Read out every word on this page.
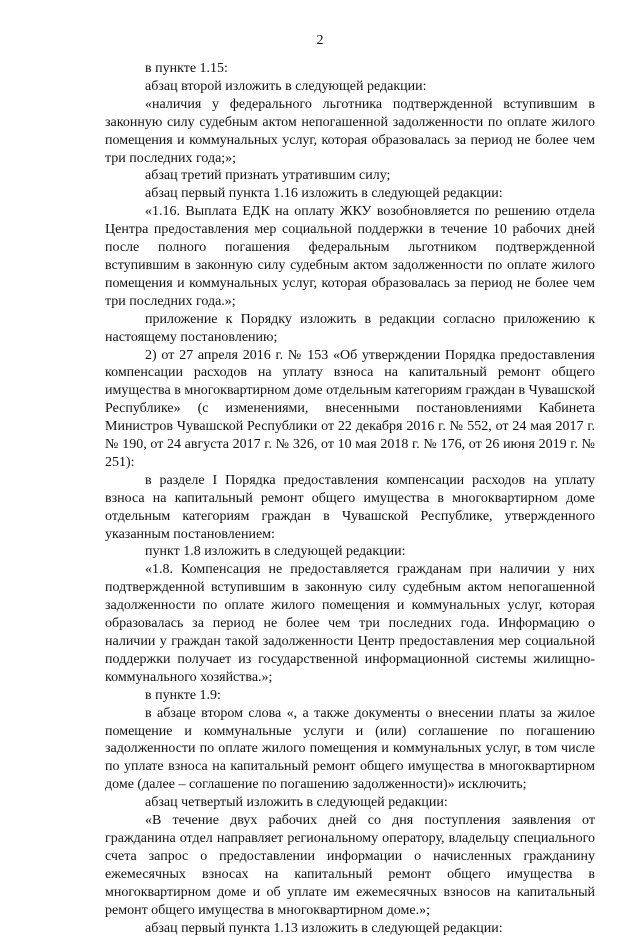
2

в пункте 1.15:

абзац второй изложить в следующей редакции:

«наличия у федерального льготника подтвержденной вступившим в законную силу судебным актом непогашенной задолженности по оплате жилого помещения и коммунальных услуг, которая образовалась за период не более чем три последних года;»;

абзац третий признать утратившим силу;

абзац первый пункта 1.16 изложить в следующей редакции:

«1.16. Выплата ЕДК на оплату ЖКУ возобновляется по решению отдела Центра предоставления мер социальной поддержки в течение 10 рабочих дней после полного погашения федеральным льготником подтвержденной вступившим в законную силу судебным актом задолженности по оплате жилого помещения и коммунальных услуг, которая образовалась за период не более чем три последних года.»;

приложение к Порядку изложить в редакции согласно приложению к настоящему постановлению;

2) от 27 апреля 2016 г. № 153 «Об утверждении Порядка предоставления компенсации расходов на уплату взноса на капитальный ремонт общего имущества в многоквартирном доме отдельным категориям граждан в Чувашской Республике» (с изменениями, внесенными постановлениями Кабинета Министров Чувашской Республики от 22 декабря 2016 г. № 552, от 24 мая 2017 г. № 190, от 24 августа 2017 г. № 326, от 10 мая 2018 г. № 176, от 26 июня 2019 г. № 251):

в разделе I Порядка предоставления компенсации расходов на уплату взноса на капитальный ремонт общего имущества в многоквартирном доме отдельным категориям граждан в Чувашской Республике, утвержденного указанным постановлением:

пункт 1.8 изложить в следующей редакции:

«1.8. Компенсация не предоставляется гражданам при наличии у них подтвержденной вступившим в законную силу судебным актом непогашенной задолженности по оплате жилого помещения и коммунальных услуг, которая образовалась за период не более чем три последних года. Информацию о наличии у граждан такой задолженности Центр предоставления мер социальной поддержки получает из государственной информационной системы жилищно-коммунального хозяйства.»;

в пункте 1.9:

в абзаце втором слова «, а также документы о внесении платы за жилое помещение и коммунальные услуги и (или) соглашение по погашению задолженности по оплате жилого помещения и коммунальных услуг, в том числе по уплате взноса на капитальный ремонт общего имущества в многоквартирном доме (далее – соглашение по погашению задолженности)» исключить;

абзац четвертый изложить в следующей редакции:

«В течение двух рабочих дней со дня поступления заявления от гражданина отдел направляет региональному оператору, владельцу специального счета запрос о предоставлении информации о начисленных гражданину ежемесячных взносах на капитальный ремонт общего имущества в многоквартирном доме и об уплате им ежемесячных взносов на капитальный ремонт общего имущества в многоквартирном доме.»;

абзац первый пункта 1.13 изложить в следующей редакции:
